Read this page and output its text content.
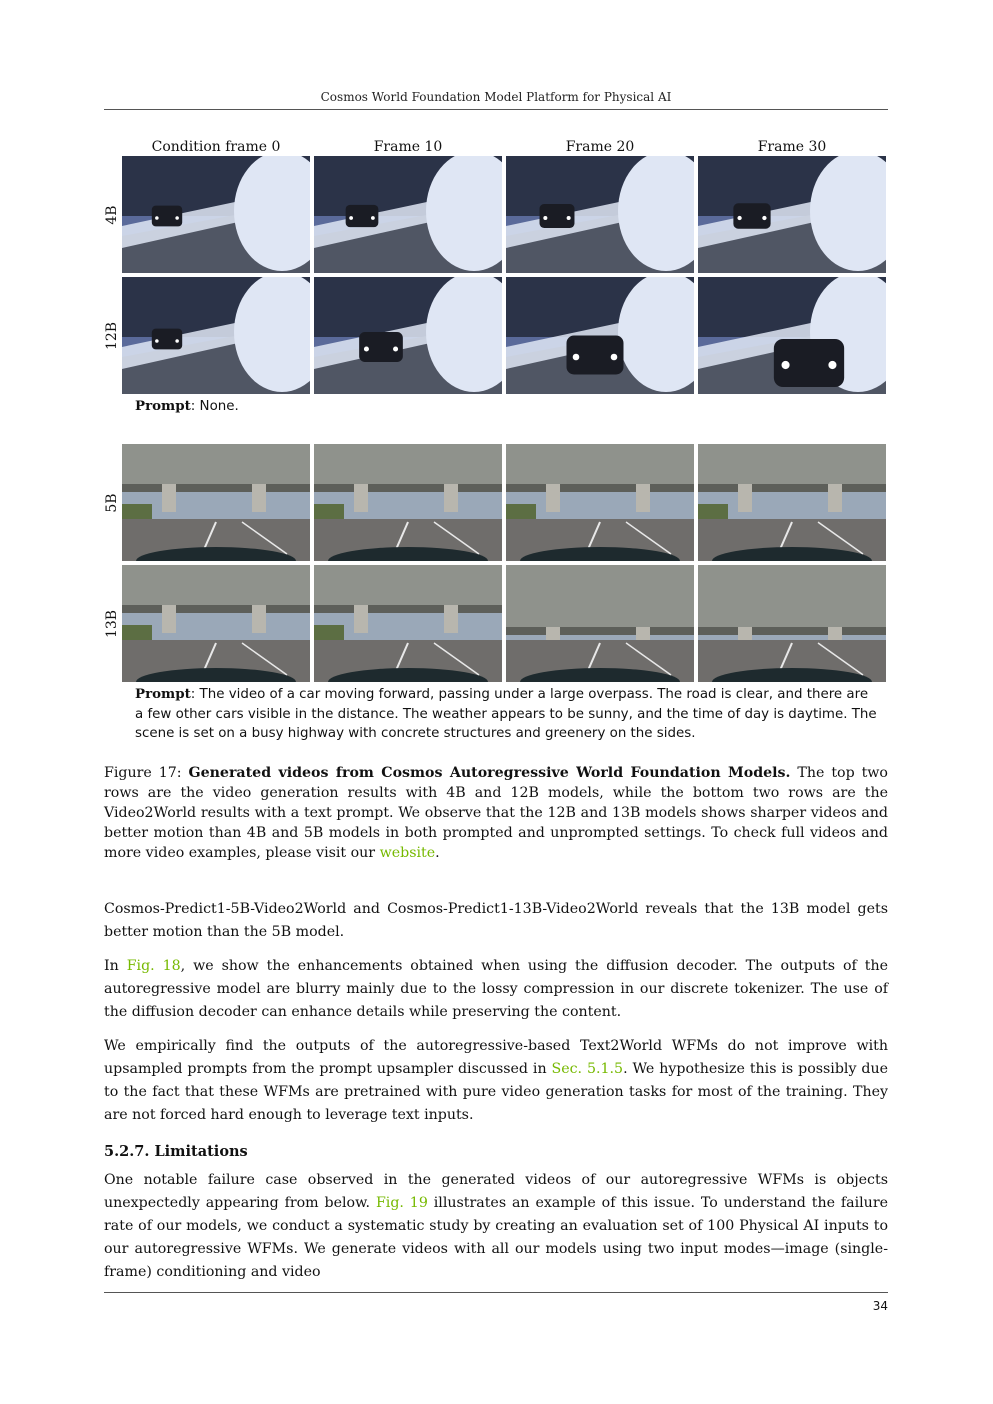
Cosmos World Foundation Model Platform for Physical AI
Condition frame 0	Frame 10	Frame 20	Frame 30
4B
12B
5B
13B
Prompt: None.
Prompt: The video of a car moving forward, passing under a large overpass. The road is clear, and there are a few other cars visible in the distance. The weather appears to be sunny, and the time of day is daytime. The scene is set on a busy highway with concrete structures and greenery on the sides.
Figure 17: Generated videos from Cosmos Autoregressive World Foundation Models. The top two rows are the video generation results with 4B and 12B models, while the bottom two rows are the Video2World results with a text prompt. We observe that the 12B and 13B models shows sharper videos and better motion than 4B and 5B models in both prompted and unprompted settings. To check full videos and more video examples, please visit our website.
Cosmos-Predict1-5B-Video2World and Cosmos-Predict1-13B-Video2World reveals that the 13B model gets better motion than the 5B model.
In Fig. 18, we show the enhancements obtained when using the diffusion decoder. The outputs of the autoregressive model are blurry mainly due to the lossy compression in our discrete tokenizer. The use of the diffusion decoder can enhance details while preserving the content.
We empirically find the outputs of the autoregressive-based Text2World WFMs do not improve with upsampled prompts from the prompt upsampler discussed in Sec. 5.1.5. We hypothesize this is possibly due to the fact that these WFMs are pretrained with pure video generation tasks for most of the training. They are not forced hard enough to leverage text inputs.
5.2.7. Limitations
One notable failure case observed in the generated videos of our autoregressive WFMs is objects unexpectedly appearing from below. Fig. 19 illustrates an example of this issue. To understand the failure rate of our models, we conduct a systematic study by creating an evaluation set of 100 Physical AI inputs to our autoregressive WFMs. We generate videos with all our models using two input modes—image (single-frame) conditioning and video
34
